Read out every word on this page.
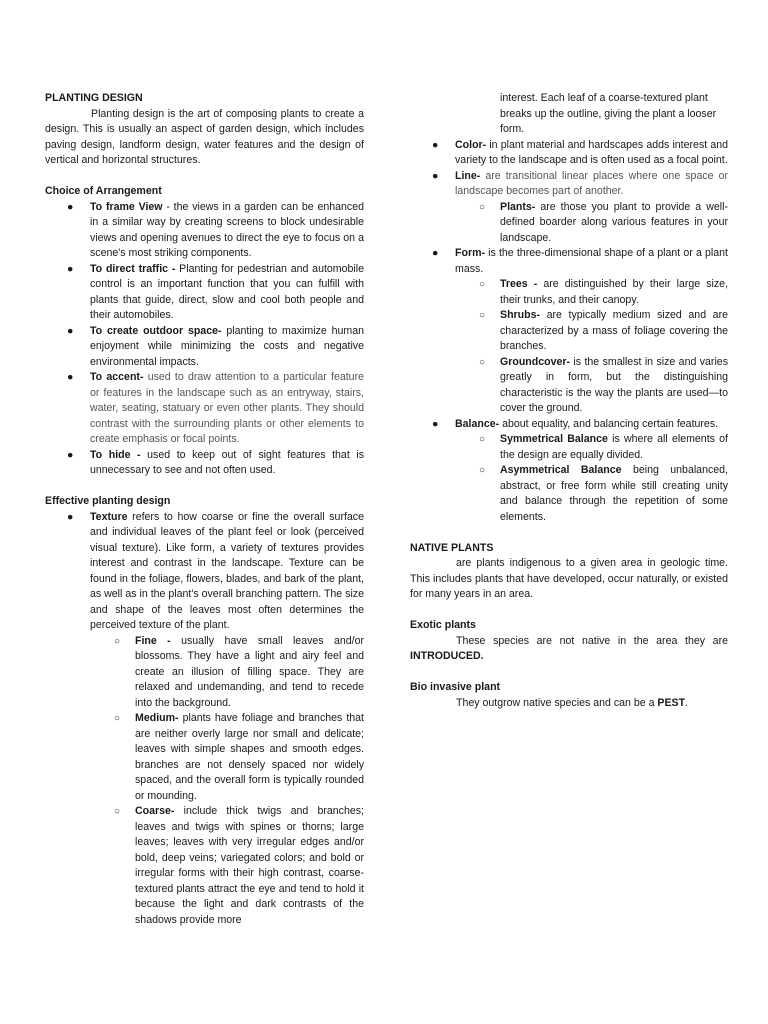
PLANTING DESIGN

Planting design is the art of composing plants to create a design. This is usually an aspect of garden design, which includes paving design, landform design, water features and the design of vertical and horizontal structures.

Choice of Arrangement

● To frame View - the views in a garden can be enhanced in a similar way by creating screens to block undesirable views and opening avenues to direct the eye to focus on a scene's most striking components.
● To direct traffic - Planting for pedestrian and automobile control is an important function that you can fulfill with plants that guide, direct, slow and cool both people and their automobiles.
● To create outdoor space- planting to maximize human enjoyment while minimizing the costs and negative environmental impacts.
● To accent- used to draw attention to a particular feature or features in the landscape such as an entryway, stairs, water, seating, statuary or even other plants. They should contrast with the surrounding plants or other elements to create emphasis or focal points.
● To hide - used to keep out of sight features that is unnecessary to see and not often used.

Effective planting design

● Texture refers to how coarse or fine the overall surface and individual leaves of the plant feel or look (perceived visual texture). Like form, a variety of textures provides interest and contrast in the landscape. Texture can be found in the foliage, flowers, blades, and bark of the plant, as well as in the plant's overall branching pattern. The size and shape of the leaves most often determines the perceived texture of the plant.
○ Fine - usually have small leaves and/or blossoms. They have a light and airy feel and create an illusion of filling space. They are relaxed and undemanding, and tend to recede into the background.
○ Medium- plants have foliage and branches that are neither overly large nor small and delicate; leaves with simple shapes and smooth edges. branches are not densely spaced nor widely spaced, and the overall form is typically rounded or mounding.
○ Coarse- include thick twigs and branches; leaves and twigs with spines or thorns; large leaves; leaves with very irregular edges and/or bold, deep veins; variegated colors; and bold or irregular forms with their high contrast, coarse-textured plants attract the eye and tend to hold it because the light and dark contrasts of the shadows provide more

interest. Each leaf of a coarse-textured plant breaks up the outline, giving the plant a looser form.

● Color- in plant material and hardscapes adds interest and variety to the landscape and is often used as a focal point.
● Line- are transitional linear places where one space or landscape becomes part of another.
○ Plants- are those you plant to provide a well-defined boarder along various features in your landscape.
● Form- is the three-dimensional shape of a plant or a plant mass.
○ Trees - are distinguished by their large size, their trunks, and their canopy.
○ Shrubs- are typically medium sized and are characterized by a mass of foliage covering the branches.
○ Groundcover- is the smallest in size and varies greatly in form, but the distinguishing characteristic is the way the plants are used—to cover the ground.
● Balance- about equality, and balancing certain features.
○ Symmetrical Balance is where all elements of the design are equally divided.
○ Asymmetrical Balance being unbalanced, abstract, or free form while still creating unity and balance through the repetition of some elements.

NATIVE PLANTS

are plants indigenous to a given area in geologic time. This includes plants that have developed, occur naturally, or existed for many years in an area.

Exotic plants

These species are not native in the area they are INTRODUCED.

Bio invasive plant

They outgrow native species and can be a PEST.
